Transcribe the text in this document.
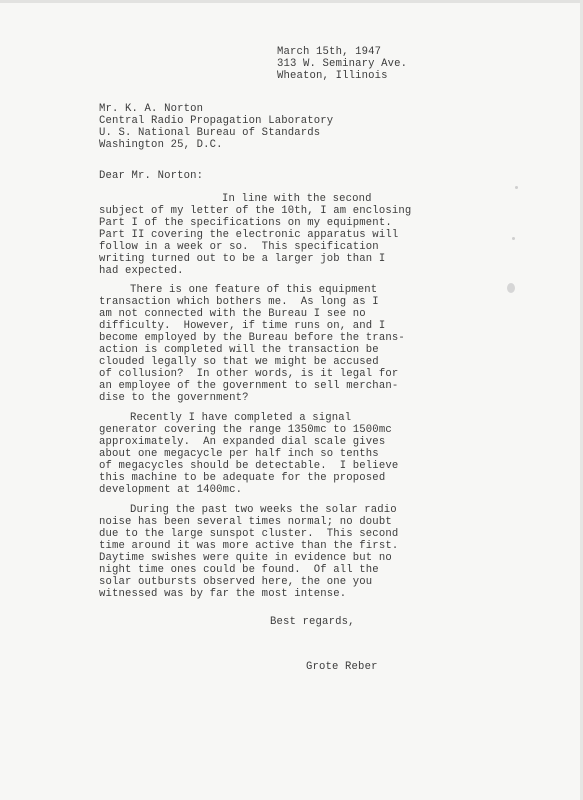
March 15th, 1947
313 W. Seminary Ave.
Wheaton, Illinois
Mr. K. A. Norton
Central Radio Propagation Laboratory
U. S. National Bureau of Standards
Washington 25, D.C.
Dear Mr. Norton:
In line with the second
subject of my letter of the 10th, I am enclosing
Part I of the specifications on my equipment.
Part II covering the electronic apparatus will
follow in a week or so.  This specification
writing turned out to be a larger job than I
had expected.
There is one feature of this equipment
transaction which bothers me.  As long as I
am not connected with the Bureau I see no
difficulty.  However, if time runs on, and I
become employed by the Bureau before the trans-
action is completed will the transaction be
clouded legally so that we might be accused
of collusion?  In other words, is it legal for
an employee of the government to sell merchan-
dise to the government?
Recently I have completed a signal
generator covering the range 1350mc to 1500mc
approximately.  An expanded dial scale gives
about one megacycle per half inch so tenths
of megacycles should be detectable.  I believe
this machine to be adequate for the proposed
development at 1400mc.
During the past two weeks the solar radio
noise has been several times normal; no doubt
due to the large sunspot cluster.  This second
time around it was more active than the first.
Daytime swishes were quite in evidence but no
night time ones could be found.  Of all the
solar outbursts observed here, the one you
witnessed was by far the most intense.
Best regards,
Grote Reber
